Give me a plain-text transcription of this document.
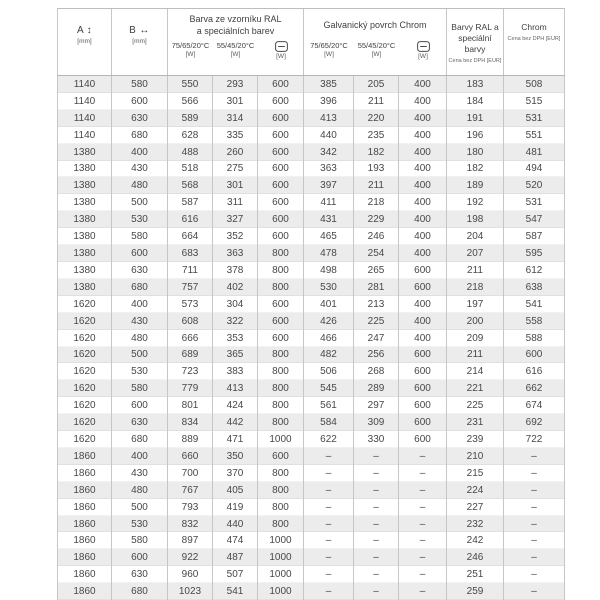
A ↕
[mm]
B ↔
[mm]
Barva ze vzorníku RAL
a speciálních barev
75/65/20°C
[W]
55/45/20°C
[W]	[W]
Galvanický povrch Chrom
75/65/20°C
[W]
55/45/20°C
[W]	[W]
Barvy RAL a
speciální barvy
Cena bez DPH [EUR]
Chrom
Cena bez DPH [EUR]
1140	580	550	293	600	385	205	400	183	508
1140	600	566	301	600	396	211	400	184	515
1140	630	589	314	600	413	220	400	191	531
1140	680	628	335	600	440	235	400	196	551
1380	400	488	260	600	342	182	400	180	481
1380	430	518	275	600	363	193	400	182	494
1380	480	568	301	600	397	211	400	189	520
1380	500	587	311	600	411	218	400	192	531
1380	530	616	327	600	431	229	400	198	547
1380	580	664	352	600	465	246	400	204	587
1380	600	683	363	800	478	254	400	207	595
1380	630	711	378	800	498	265	600	211	612
1380	680	757	402	800	530	281	600	218	638
1620	400	573	304	600	401	213	400	197	541
1620	430	608	322	600	426	225	400	200	558
1620	480	666	353	600	466	247	400	209	588
1620	500	689	365	800	482	256	600	211	600
1620	530	723	383	800	506	268	600	214	616
1620	580	779	413	800	545	289	600	221	662
1620	600	801	424	800	561	297	600	225	674
1620	630	834	442	800	584	309	600	231	692
1620	680	889	471	1000	622	330	600	239	722
1860	400	660	350	600	–	–	–	210	–
1860	430	700	370	800	–	–	–	215	–
1860	480	767	405	800	–	–	–	224	–
1860	500	793	419	800	–	–	–	227	–
1860	530	832	440	800	–	–	–	232	–
1860	580	897	474	1000	–	–	–	242	–
1860	600	922	487	1000	–	–	–	246	–
1860	630	960	507	1000	–	–	–	251	–
1860	680	1023	541	1000	–	–	–	259	–
